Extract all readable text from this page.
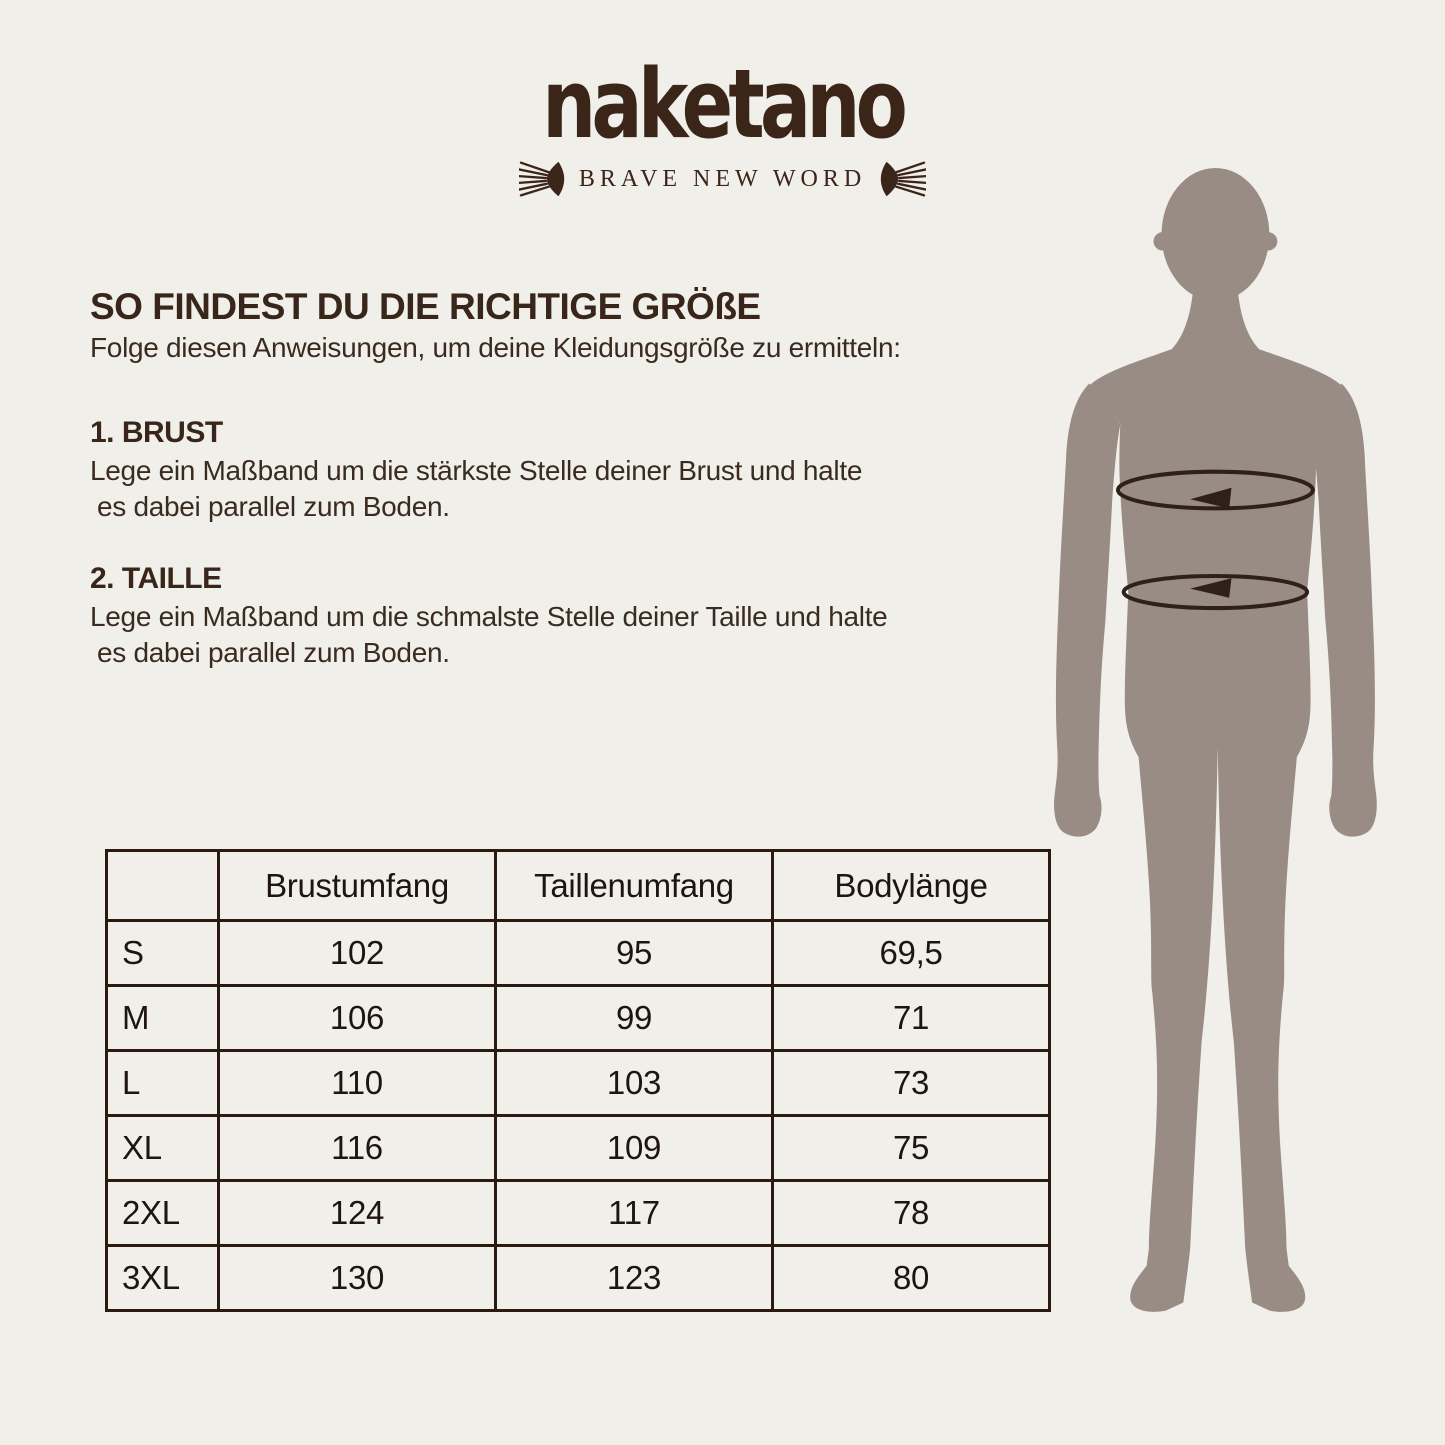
naketano
BRAVE NEW WORD
SO FINDEST DU DIE RICHTIGE GRÖßE
Folge diesen Anweisungen, um deine Kleidungsgröße zu ermitteln:
1. BRUST
Lege ein Maßband um die stärkste Stelle deiner Brust und halte
es dabei parallel zum Boden.
2. TAILLE
Lege ein Maßband um die schmalste Stelle deiner Taille und halte
es dabei parallel zum Boden.
	Brustumfang	Taillenumfang	Bodylänge
S	102	95	69,5
M	106	99	71
L	110	103	73
XL	116	109	75
2XL	124	117	78
3XL	130	123	80
